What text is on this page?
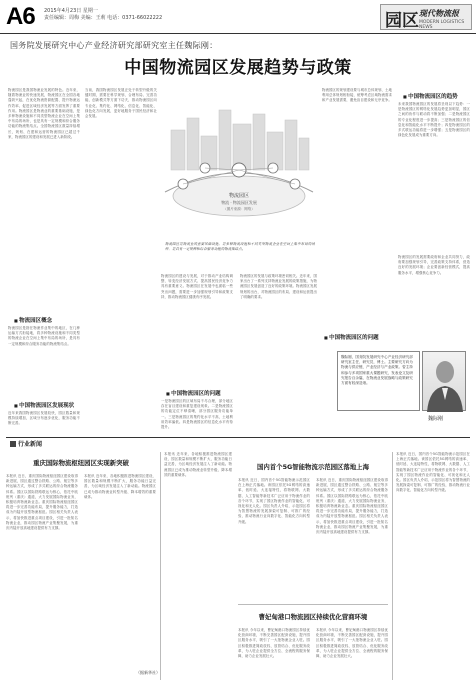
A6 2015年4月23日 星期一
责任编辑：周梅 美编：王莉 电话：0371-66022222	园区 现代物流报
MODERN LOGISTICS NEWS
国务院发展研究中心产业经济研究部研究室主任魏际刚：
中国物流园区发展趋势与政策
物流园区是我国物流业发展的特色。近年来，随着物流业的快速发展，物流园区在全国各地蓬勃兴起，在优化物流资源配置、提升物流运作效率、促进区域经济发展等方面发挥了重要作用。物流园区是物流业的重要基础设施，是多种物流设施和不同类型物流企业在空间上集中布局的场所，也是具有一定规模和综合服务功能的物流集结点。全国物流园区数量持续增长，规划、在建和运营的物流园区已超过千家，物流园区的建设和发展已进入新阶段。
■ 物流园区概念
物流园区是指在物流作业集中的地区，在几种运输方式衔接地，将多种物流设施和不同类型的物流企业在空间上集中布局的场所，是具有一定规模和综合服务功能的物流集结点。
■ 中国物流园区发展现状
近年来我国物流园区发展较快，园区数量和规模持续增加，区域分布逐步优化，服务功能不断完善。
当前，我国物流园区发展正处于转型升级的关键时期，需要在科学规划、合理布局、完善功能、创新模式等方面下功夫，推动物流园区向专业化、集约化、网络化、信息化、智能化、绿色化方向发展，更好地服务于国民经济和社会发展。
物流园区
物流 · 物流园区发展
（图片来源：网络）
物流园区是物流业的重要基础设施，是多种物流设施和不同类型物流企业在空间上集中布局的场所，是具有一定规模和综合服务功能的物流集结点。
物流园区的建设与发展，对于推动产业结构调整、转变经济发展方式、提高国民经济竞争力具有重要意义。物流园区在发展中也面临一些突出问题，需要进一步加强规划引导和政策支持，推动物流园区健康有序发展。
■ 中国物流园区的问题
一是物流园区的区域布局不尽合理，部分地区存在盲目建设和重复建设现象。二是物流园区的功能定位不够清晰，部分园区服务功能单一。三是物流园区的集约化水平不高，土地利用效率偏低。四是物流园区的信息化水平有待提升。
物流园区的发展与政策环境密切相关。近年来，国家出台了一系列支持物流业发展的政策措施，为物流园区发展创造了良好的政策环境。物流园区发展规划的出台，对物流园区的布局、建设和运营提出了明确的要求。
物流园区的规划建设要与城市总体规划、土地利用总体规划相衔接，统筹考虑区域物流需求和产业发展需要，避免盲目建设和无序竞争。
■ 中国物流园区的问题
■ 中国物流园区的趋势
未来我国物流园区的发展将呈现以下趋势：一是物流园区的网络化发展趋势更加明显，园区之间的协作与联动将不断加强；二是物流园区的专业化程度进一步提高；三是物流园区的信息化和智能化水平不断提升；四是物流园区的多式联运功能将进一步增强；五是物流园区的绿色化发展成为重要方向。
物流园区的发展需要政府和企业共同努力，政府要加强规划引导，完善政策支持体系，营造良好的发展环境；企业要创新经营模式，提高服务水平，增强核心竞争力。
魏际刚，国务院发展研究中心产业经济研究部研究室主任、研究员，博士。主要研究方向为物流与供应链、产业经济与产业政策。曾主持和参与多项国家重大课题研究，发表论文及研究报告百余篇，在物流业发展战略与政策研究方面有较深造诣。
魏际刚
行业新闻
重庆国际物流枢纽园区实现新突破
本报讯 近日，重庆国际物流枢纽园区建设取得新进展，园区通过整合铁路、公路、航空等多种运输方式，形成了多式联运的综合物流服务体系。园区以国际铁路联运为核心，依托中欧班列（重庆）通道，大力发展国际物流业务，积极培育物流新业态。重庆国际物流枢纽园区将进一步完善功能布局，提升服务能力，打造成为内陆开放型物流枢纽。园区相关负责人表示，将加快推进重点项目建设，引进一批知名物流企业，推动园区物流产业集聚发展，为重庆内陆开放高地建设提供有力支撑。
本报讯 近年来，各地积极推进物流园区建设，园区数量和规模不断扩大，服务功能日益完善，为区域经济发展注入了新动能。物流园区已成为推动物流业转型升级、降本增效的重要载体。
（据新华社）
本报讯 近年来，各地积极推进物流园区建设，园区数量和规模不断扩大，服务功能日益完善，为区域经济发展注入了新动能。物流园区已成为推动物流业转型升级、降本增效的重要载体。
国内首个5G智能物流示范园区落地上海
本报讯 近日，国内首个5G智能物流示范园区在上海正式落地。该园区依托5G网络的高速率、低时延、大连接特性，将物联网、大数据、人工智能等新技术广泛应用于物流作业的各个环节，实现了园区物流作业的智能化、可视化和无人化。园区负责人介绍，示范园区将为智慧物流的发展探索可复制、可推广的经验，推动物流行业向数字化、智能化方向转型升级。
本报讯 近日，重庆国际物流枢纽园区建设取得新进展，园区通过整合铁路、公路、航空等多种运输方式，形成了多式联运的综合物流服务体系。园区以国际铁路联运为核心，依托中欧班列（重庆）通道，大力发展国际物流业务，积极培育物流新业态。重庆国际物流枢纽园区将进一步完善功能布局，提升服务能力，打造成为内陆开放型物流枢纽。园区相关负责人表示，将加快推进重点项目建设，引进一批知名物流企业，推动园区物流产业集聚发展，为重庆内陆开放高地建设提供有力支撑。
曹妃甸港口物流园区持续优化营商环境
本报讯 今年以来，曹妃甸港口物流园区持续优化营商环境，不断完善园区配套设施，提升园区服务水平，吸引了一大批物流企业入驻。园区积极推进简政放权、放管结合、优化服务改革，为入驻企业提供全方位、全流程的服务保障，助力企业发展壮大。
本报讯 今年以来，曹妃甸港口物流园区持续优化营商环境，不断完善园区配套设施，提升园区服务水平，吸引了一大批物流企业入驻。园区积极推进简政放权、放管结合、优化服务改革，为入驻企业提供全方位、全流程的服务保障，助力企业发展壮大。
本报讯 近日，国内首个5G智能物流示范园区在上海正式落地。该园区依托5G网络的高速率、低时延、大连接特性，将物联网、大数据、人工智能等新技术广泛应用于物流作业的各个环节，实现了园区物流作业的智能化、可视化和无人化。园区负责人介绍，示范园区将为智慧物流的发展探索可复制、可推广的经验，推动物流行业向数字化、智能化方向转型升级。
